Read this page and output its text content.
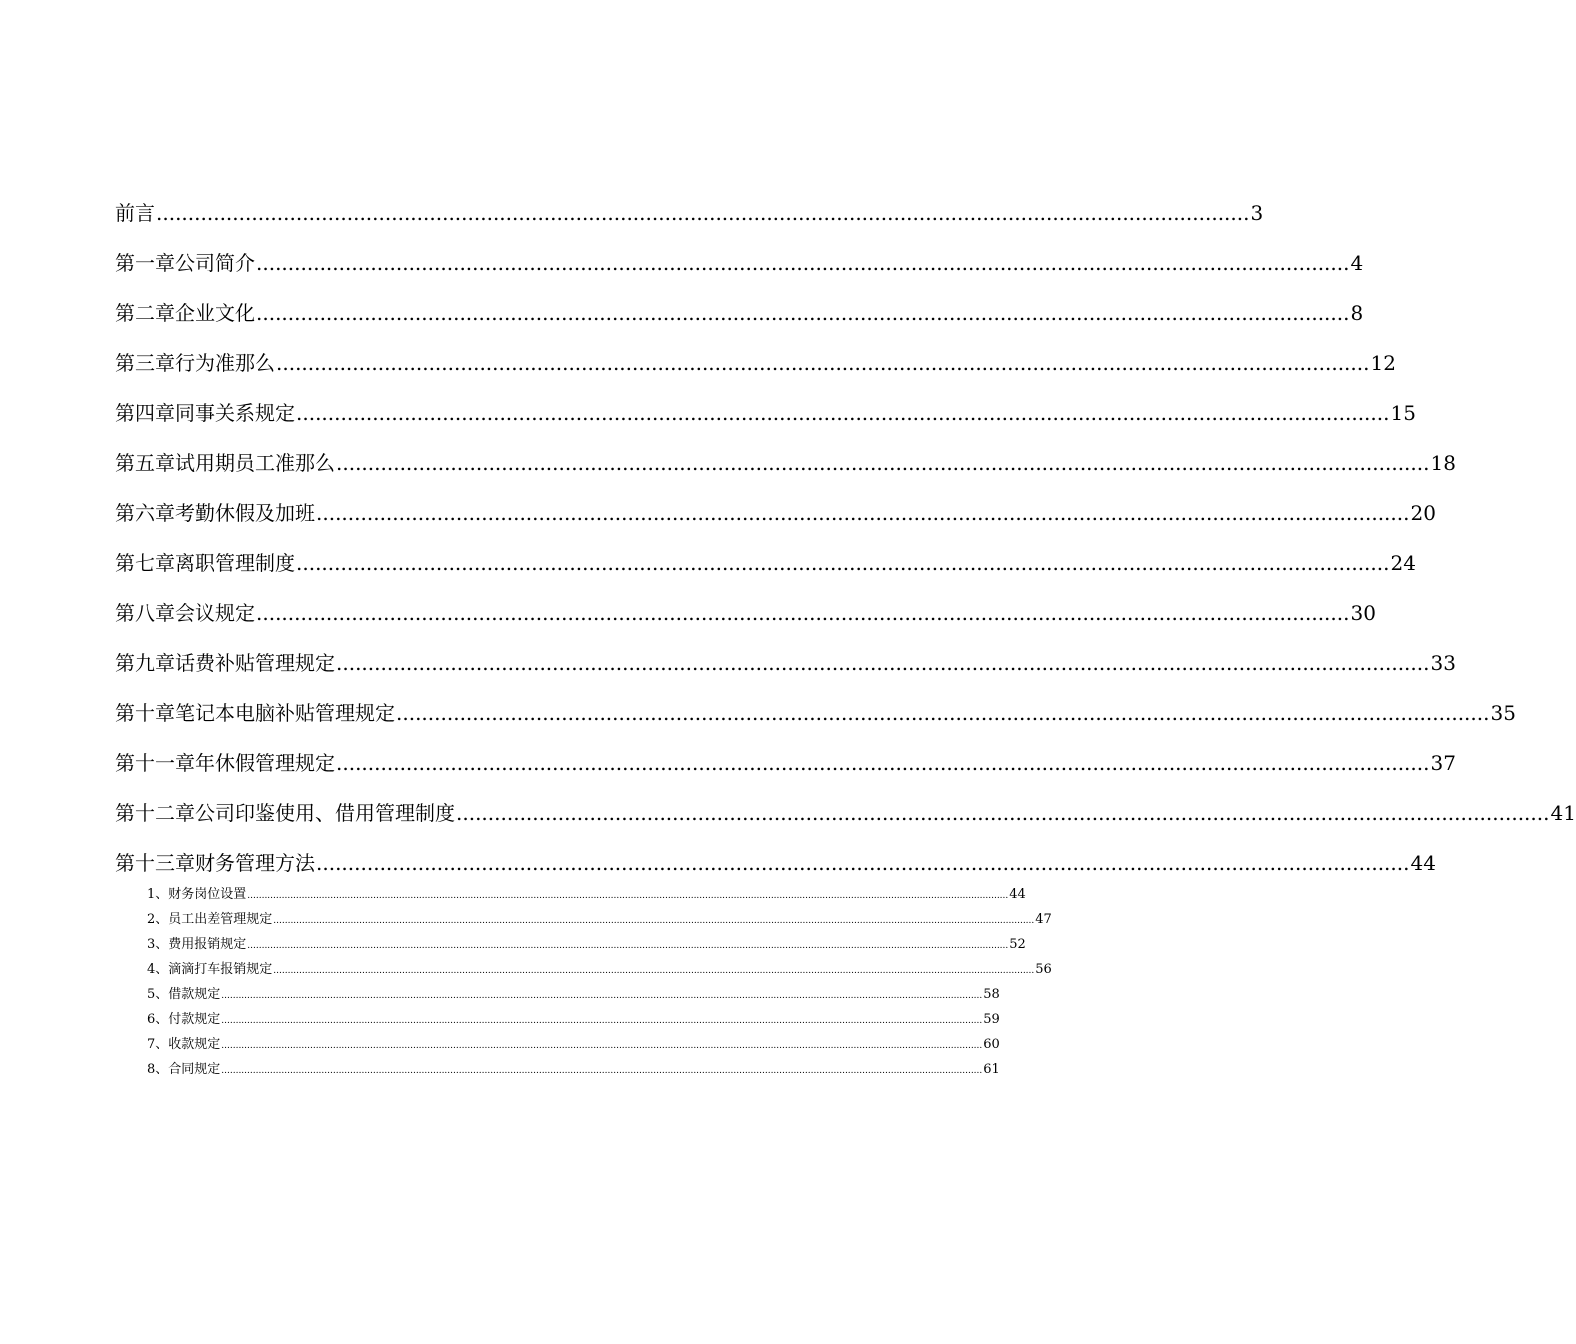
前言 ............................................................................................................................................................................ 3
第一章 公司简介 ............................................................................................................................................................................ 4
第二章 企业文化 ............................................................................................................................................................................ 8
第三章 行为准那么 ............................................................................................................................................................................ 12
第四章 同事关系规定 ............................................................................................................................................................................ 15
第五章 试用期员工准那么 ............................................................................................................................................................................ 18
第六章 考勤休假及加班 ............................................................................................................................................................................ 20
第七章 离职管理制度 ............................................................................................................................................................................ 24
第八章 会议规定 ............................................................................................................................................................................ 30
第九章 话费补贴管理规定 ............................................................................................................................................................................ 33
第十章 笔记本电脑补贴管理规定 ............................................................................................................................................................................ 35
第十一章 年休假管理规定 ............................................................................................................................................................................ 37
第十二章 公司印鉴使用、借用管理制度 ............................................................................................................................................................................ 41
第十三章 财务管理方法 ............................................................................................................................................................................ 44
1、财务岗位设置 .......................................................................................................................................................................................................................................................................... 44
2、员工出差管理规定 .......................................................................................................................................................................................................................................................................... 47
3、费用报销规定 .......................................................................................................................................................................................................................................................................... 52
4、滴滴打车报销规定 .......................................................................................................................................................................................................................................................................... 56
5、借款规定 .......................................................................................................................................................................................................................................................................... 58
6、付款规定 .......................................................................................................................................................................................................................................................................... 59
7、收款规定 .......................................................................................................................................................................................................................................................................... 60
8、合同规定 .......................................................................................................................................................................................................................................................................... 61
